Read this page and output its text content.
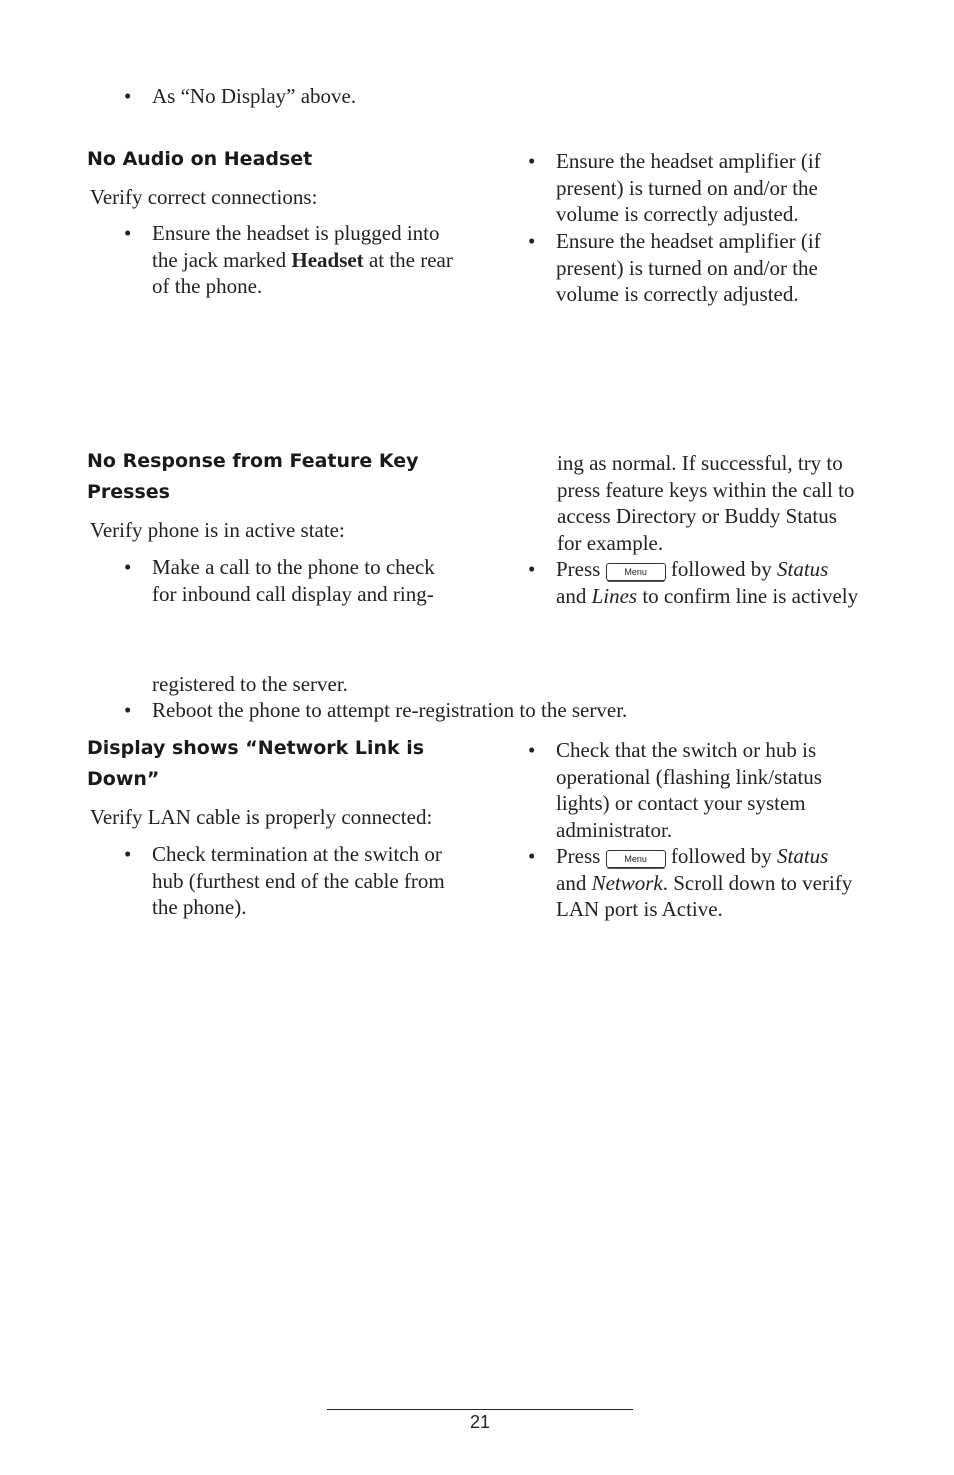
• As “No Display” above.
No Audio on Headset
Verify correct connections:
• Ensure the headset is plugged into
the jack marked Headset at the rear
of the phone.
• Ensure the headset amplifier (if
present) is turned on and/or the
volume is correctly adjusted.
• Ensure the headset amplifier (if
present) is turned on and/or the
volume is correctly adjusted.
No Response from Feature Key
Presses
Verify phone is in active state:
• Make a call to the phone to check
for inbound call display and ring-
ing as normal. If successful, try to
press feature keys within the call to
access Directory or Buddy Status
for example.
• Press Menu followed by Status
and Lines to confirm line is actively
registered to the server.
• Reboot the phone to attempt re-registration to the server.
Display shows “Network Link is
Down”
Verify LAN cable is properly connected:
• Check termination at the switch or
hub (furthest end of the cable from
the phone).
• Check that the switch or hub is
operational (flashing link/status
lights) or contact your system
administrator.
• Press Menu followed by Status
and Network. Scroll down to verify
LAN port is Active.
21
